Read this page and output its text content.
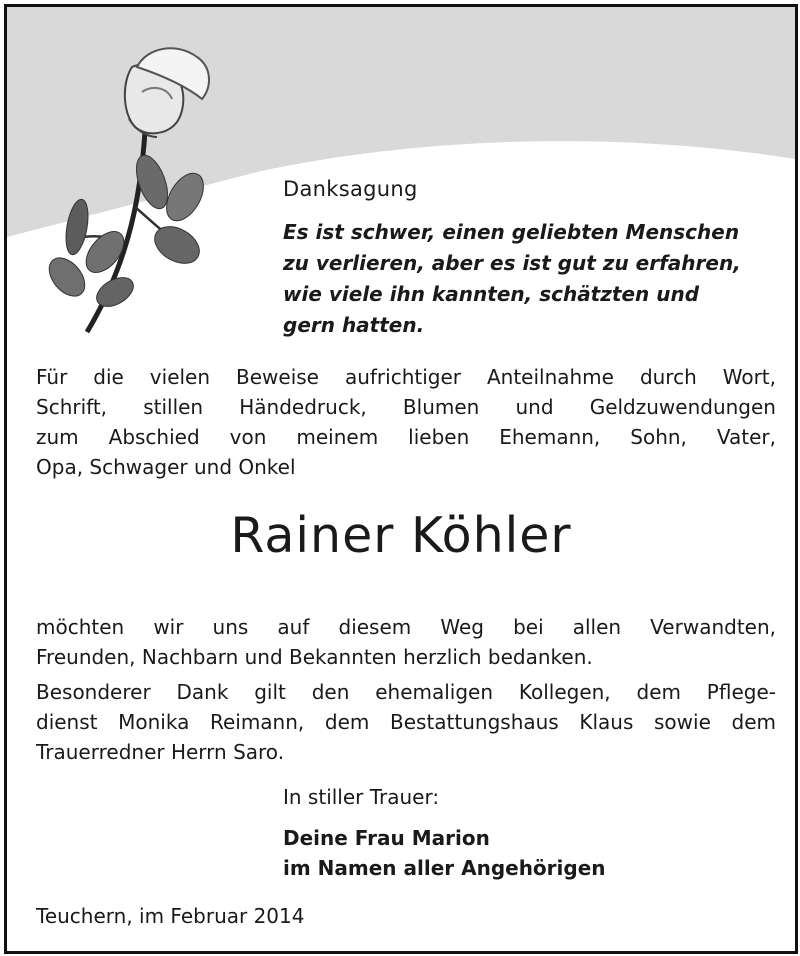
Danksagung
Es ist schwer, einen geliebten Menschen
zu verlieren, aber es ist gut zu erfahren,
wie viele ihn kannten, schätzten und
gern hatten.
Für die vielen Beweise aufrichtiger Anteilnahme durch Wort,
Schrift, stillen Händedruck, Blumen und Geldzuwendungen
zum Abschied von meinem lieben Ehemann, Sohn, Vater,
Opa, Schwager und Onkel
Rainer Köhler
möchten wir uns auf diesem Weg bei allen Verwandten,
Freunden, Nachbarn und Bekannten herzlich bedanken.
Besonderer Dank gilt den ehemaligen Kollegen, dem Pflege-
dienst Monika Reimann, dem Bestattungshaus Klaus sowie dem
Trauerredner Herrn Saro.
In stiller Trauer:
Deine Frau Marion
im Namen aller Angehörigen
Teuchern, im Februar 2014
